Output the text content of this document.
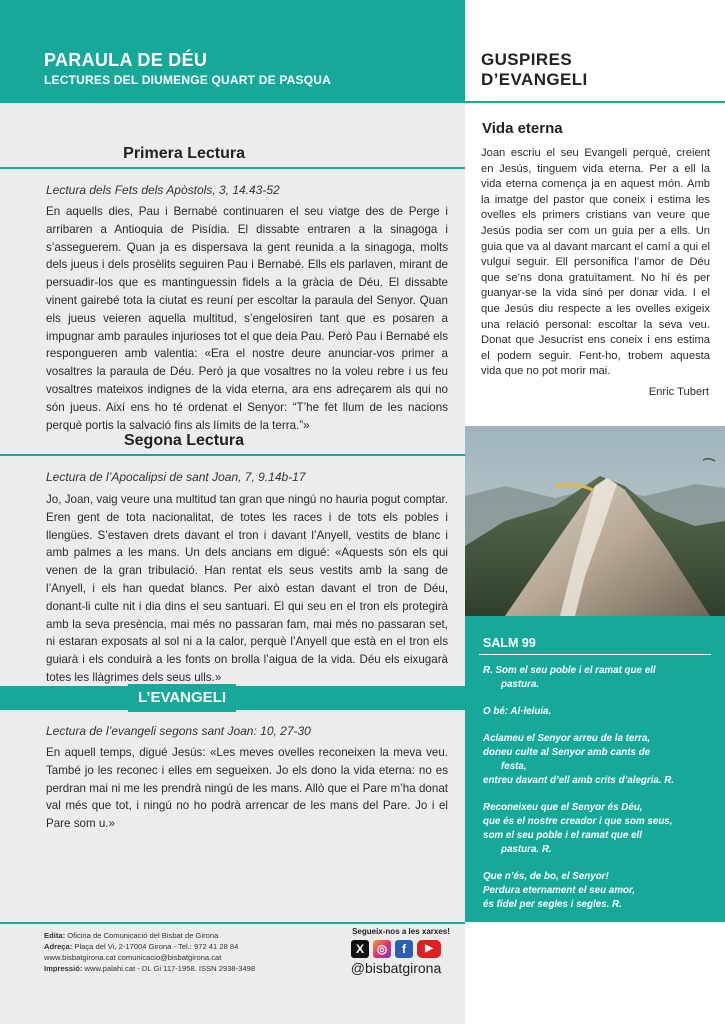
PARAULA DE DÉU
LECTURES DEL DIUMENGE QUART DE PASQUA
GUSPIRES D’EVANGELI
Primera Lectura
Lectura dels Fets dels Apòstols, 3, 14.43-52
En aquells dies, Pau i Bernabé continuaren el seu viatge des de Perge i arribaren a Antioquia de Pisídia. El dissabte entraren a la sinagoga i s’asseguerem. Quan ja es dispersava la gent reunida a la sinagoga, molts dels jueus i dels prosèlits seguiren Pau i Bernabé. Ells els parlaven, mirant de persuadir-los que es mantinguessin fidels a la gràcia de Déu. El dissabte vinent gairebé tota la ciutat es reuní per escoltar la paraula del Senyor. Quan els jueus veieren aquella multitud, s’engelosiren tant que es posaren a impugnar amb paraules injurioses tot el que deia Pau. Però Pau i Bernabé els respongueren amb valentia: «Era el nostre deure anunciar-vos primer a vosaltres la paraula de Déu. Però ja que vosaltres no la voleu rebre i us feu vosaltres mateixos indignes de la vida eterna, ara ens adreçarem als qui no són jueus. Així ens ho té ordenat el Senyor: “T’he fet llum de les nacions perquè portis la salvació fins als límits de la terra.”»
Segona Lectura
Lectura de l’Apocalipsi de sant Joan, 7, 9.14b-17
Jo, Joan, vaig veure una multitud tan gran que ningú no hauria pogut comptar. Eren gent de tota nacionalitat, de totes les races i de tots els pobles i llengües. S’estaven drets davant el tron i davant l’Anyell, vestits de blanc i amb palmes a les mans. Un dels ancians em digué: «Aquests són els qui venen de la gran tribulació. Han rentat els seus vestits amb la sang de l’Anyell, i els han quedat blancs. Per això estan davant el tron de Déu, donant-li culte nit i dia dins el seu santuari. El qui seu en el tron els protegirà amb la seva presència, mai més no passaran fam, mai més no passaran set, ni estaran exposats al sol ni a la calor, perquè l’Anyell que està en el tron els guiarà i els conduirà a les fonts on brolla l’aigua de la vida. Déu els eixugarà totes les llàgrimes dels seus ulls.»
L’EVANGELI
Lectura de l’evangeli segons sant Joan: 10, 27-30
En aquell temps, digué Jesús: «Les meves ovelles reconeixen la meva veu. També jo les reconec i elles em segueixen. Jo els dono la vida eterna: no es perdran mai ni me les prendrà ningú de les mans. Allò que el Pare m’ha donat val més que tot, i ningú no ho podrà arrencar de les mans del Pare. Jo i el Pare som u.»
Edita: Oficina de Comunicació del Bisbat de Girona
Adreça: Plaça del Vi, 2-17004 Girona - Tel.: 972 41 28 84
www.bisbatgirona.cat comunicacio@bisbatgirona.cat
Impressió: www.palahi.cat - DL Gi 117-1958. ISSN 2938-3498
Segueix-nos a les xarxes!
X	◎	f	▶
@bisbatgirona
Vida eterna
Joan escriu el seu Evangeli perquè, creient en Jesús, tinguem vida eterna. Per a ell la vida eterna comença ja en aquest món. Amb la imatge del pastor que coneix i estima les ovelles els primers cristians van veure que Jesús podia ser com un guia per a ells. Un guia que va al davant marcant el camí a qui el vulgui seguir. Ell personifica l’amor de Déu que se’ns dona gratuïtament. No hi és per guanyar-se la vida sinó per donar vida. I el que Jesús diu respecte a les ovelles exigeix una relació personal: escoltar la seva veu. Donat que Jesucrist ens coneix i ens estima el podem seguir. Fent-ho, trobem aquesta vida que no pot morir mai.
Enric Tubert
SALM 99

R. Som el seu poble i el ramat que ell
pastura.

O bé: Al·leluia.

Aclameu el Senyor arreu de la terra,
doneu culte al Senyor amb cants de
festa,
entreu davant d’ell amb crits d’alegria. R.

Reconeixeu que el Senyor és Déu,
que és el nostre creador i que som seus,
som el seu poble i el ramat que ell
pastura. R.

Que n’és, de bo, el Senyor!
Perdura eternament el seu amor,
és fidel per segles i segles. R.
